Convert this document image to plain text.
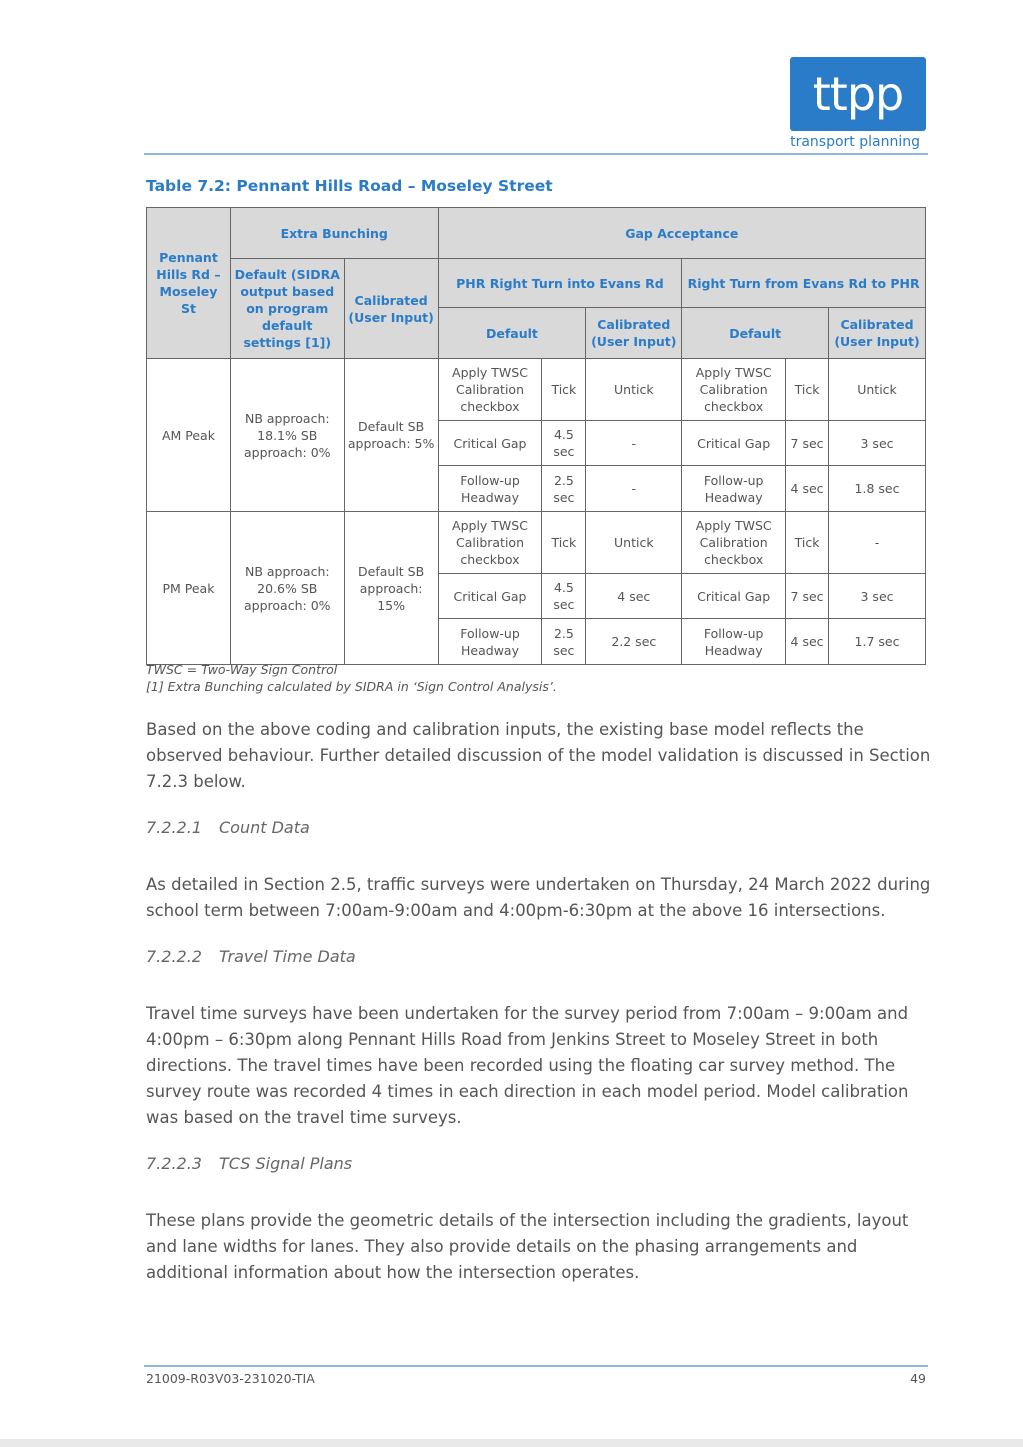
ttpp
transport planning
Table 7.2: Pennant Hills Road – Moseley Street
Pennant Hills Rd – Moseley St	Extra Bunching		Gap Acceptance					
	Default (SIDRA output based on program default settings [1])	Calibrated (User Input)	PHR Right Turn into Evans Rd			Right Turn from Evans Rd to PHR		
			Default		Calibrated (User Input)	Default		Calibrated (User Input)
AM Peak	NB approach: 18.1% SB approach: 0%	Default SB approach: 5%	Apply TWSC Calibration checkbox	Tick	Untick	Apply TWSC Calibration checkbox	Tick	Untick
			Critical Gap	4.5 sec	-	Critical Gap	7 sec	3 sec
			Follow-up Headway	2.5 sec	-	Follow-up Headway	4 sec	1.8 sec
PM Peak	NB approach: 20.6% SB approach: 0%	Default SB approach: 15%	Apply TWSC Calibration checkbox	Tick	Untick	Apply TWSC Calibration checkbox	Tick	-
			Critical Gap	4.5 sec	4 sec	Critical Gap	7 sec	3 sec
			Follow-up Headway	2.5 sec	2.2 sec	Follow-up Headway	4 sec	1.7 sec
TWSC = Two-Way Sign Control
[1] Extra Bunching calculated by SIDRA in ‘Sign Control Analysis’.

Based on the above coding and calibration inputs, the existing base model reflects the observed behaviour. Further detailed discussion of the model validation is discussed in Section 7.2.3 below.

7.2.2.1 Count Data

As detailed in Section 2.5, traffic surveys were undertaken on Thursday, 24 March 2022 during school term between 7:00am-9:00am and 4:00pm-6:30pm at the above 16 intersections.

7.2.2.2 Travel Time Data

Travel time surveys have been undertaken for the survey period from 7:00am – 9:00am and 4:00pm – 6:30pm along Pennant Hills Road from Jenkins Street to Moseley Street in both directions. The travel times have been recorded using the floating car survey method. The survey route was recorded 4 times in each direction in each model period. Model calibration was based on the travel time surveys.

7.2.2.3 TCS Signal Plans

These plans provide the geometric details of the intersection including the gradients, layout and lane widths for lanes. They also provide details on the phasing arrangements and additional information about how the intersection operates.

21009-R03V03-231020-TIA	49
